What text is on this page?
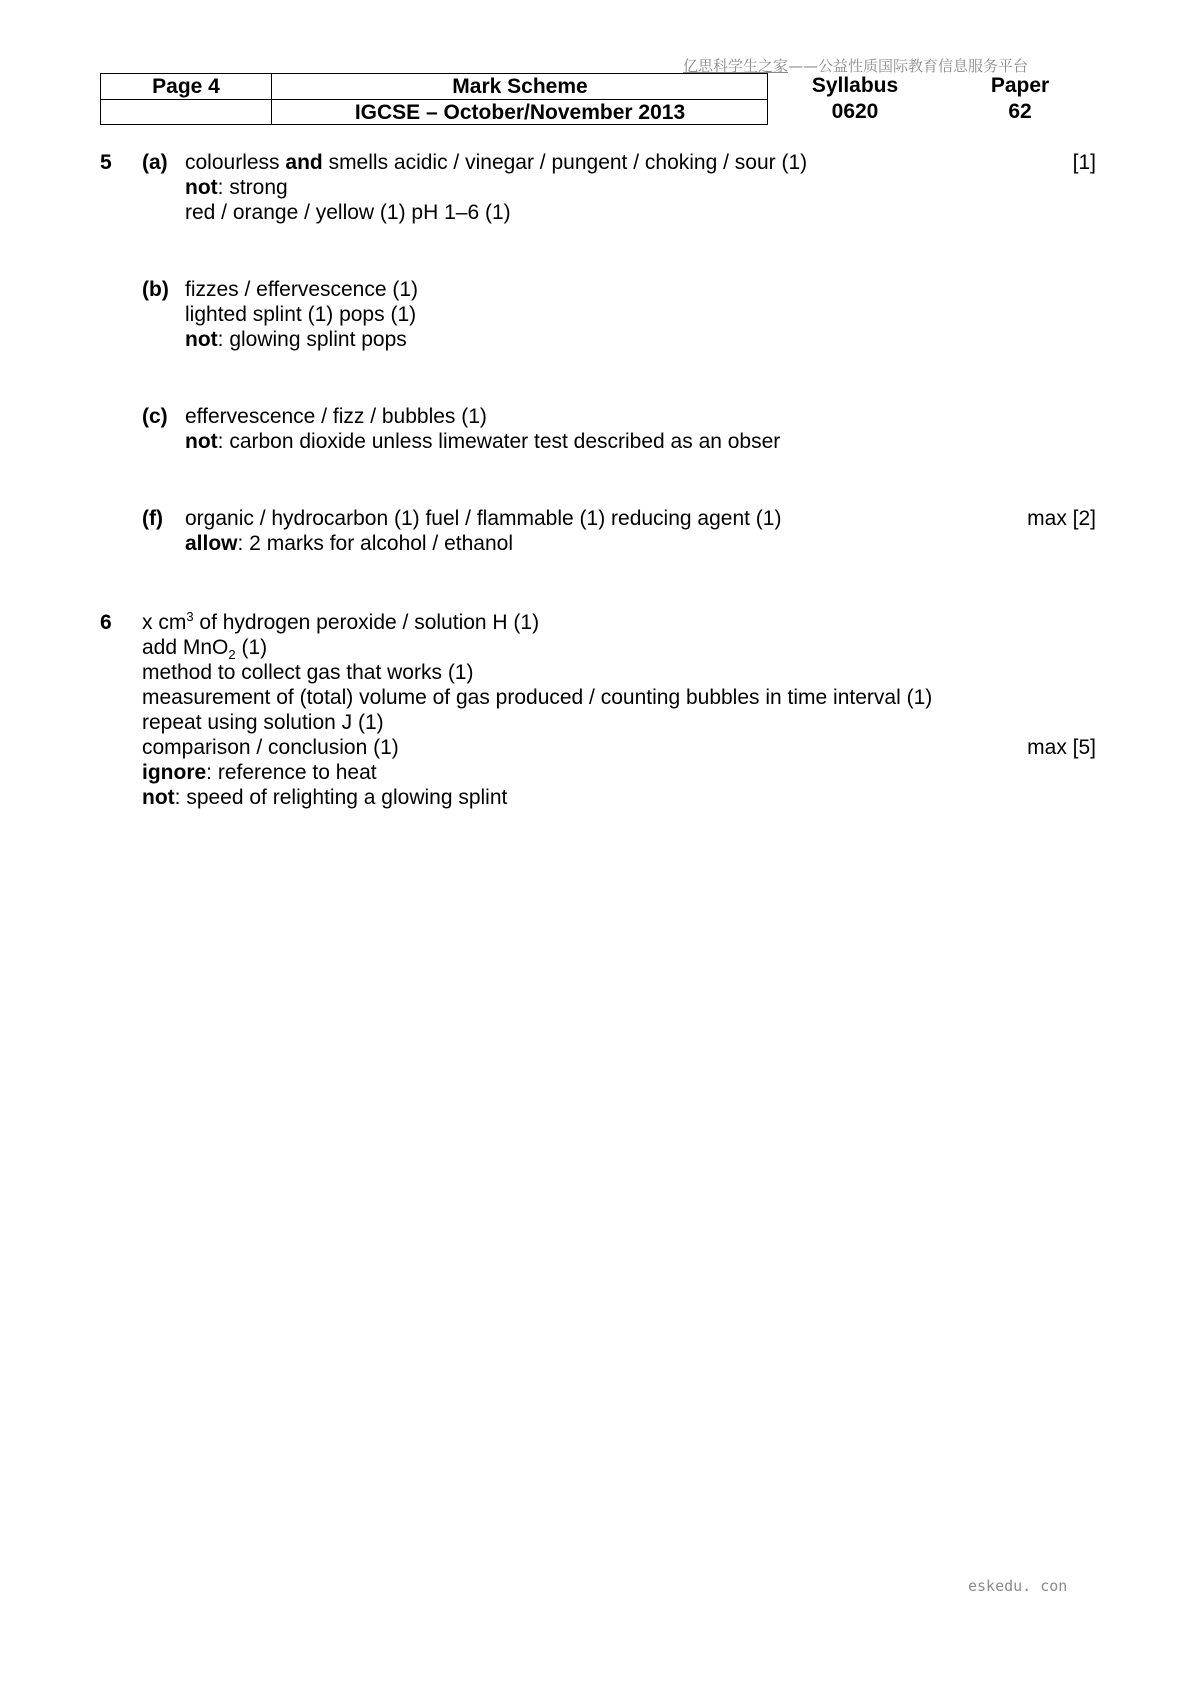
亿思科学生之家——公益性质国际教育信息服务平台
Page 4	Mark Scheme
IGCSE – October/November 2013
Syllabus
0620
Paper
62
5 (a) colourless and smells acidic / vinegar / pungent / choking / sour (1)
not: strong
red / orange / yellow (1) pH 1–6 (1)
[1]
(b) fizzes / effervescence (1)
lighted splint (1) pops (1)
not: glowing splint pops
(c) effervescence / fizz / bubbles (1)
not: carbon dioxide unless limewater test described as an obser
(f) organic / hydrocarbon (1) fuel / flammable (1) reducing agent (1)
allow: 2 marks for alcohol / ethanol
max [2]
6 x $cm^3$ of hydrogen peroxide / solution H (1)
add MnO$_2$ (1)
method to collect gas that works (1)
measurement of (total) volume of gas produced / counting bubbles in time interval (1)
repeat using solution J (1)
comparison / conclusion (1)
ignore: reference to heat
not: speed of relighting a glowing splint
max [5]
eskedu. con
